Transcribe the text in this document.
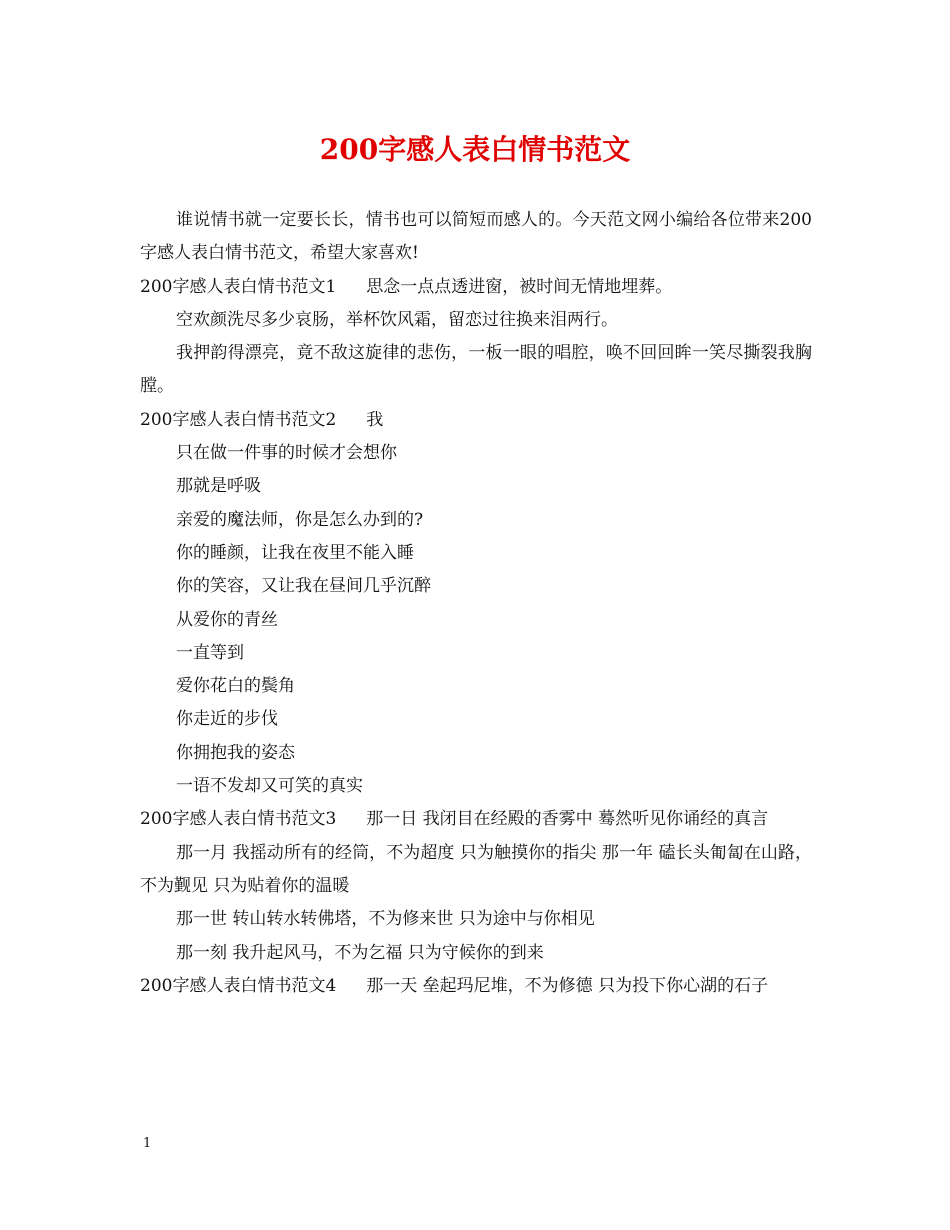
200字感人表白情书范文

谁说情书就一定要长长，情书也可以简短而感人的。今天范文网小编给各位带来200字感人表白情书范文，希望大家喜欢!

200字感人表白情书范文1 思念一点点透进窗，被时间无情地埋葬。

空欢颜洗尽多少哀肠，举杯饮风霜，留恋过往换来泪两行。

我押韵得漂亮，竟不敌这旋律的悲伤，一板一眼的唱腔，唤不回回眸一笑尽撕裂我胸膛。

200字感人表白情书范文2 我

只在做一件事的时候才会想你

那就是呼吸

亲爱的魔法师，你是怎么办到的?

你的睡颜，让我在夜里不能入睡

你的笑容，又让我在昼间几乎沉醉

从爱你的青丝

一直等到

爱你花白的鬓角

你走近的步伐

你拥抱我的姿态

一语不发却又可笑的真实

200字感人表白情书范文3 那一日 我闭目在经殿的香雾中 蓦然听见你诵经的真言

那一月 我摇动所有的经筒，不为超度 只为触摸你的指尖 那一年 磕长头匍匐在山路，不为觐见 只为贴着你的温暖

那一世 转山转水转佛塔，不为修来世 只为途中与你相见

那一刻 我升起风马，不为乞福 只为守候你的到来

200字感人表白情书范文4 那一天 垒起玛尼堆，不为修德 只为投下你心湖的石子

1
